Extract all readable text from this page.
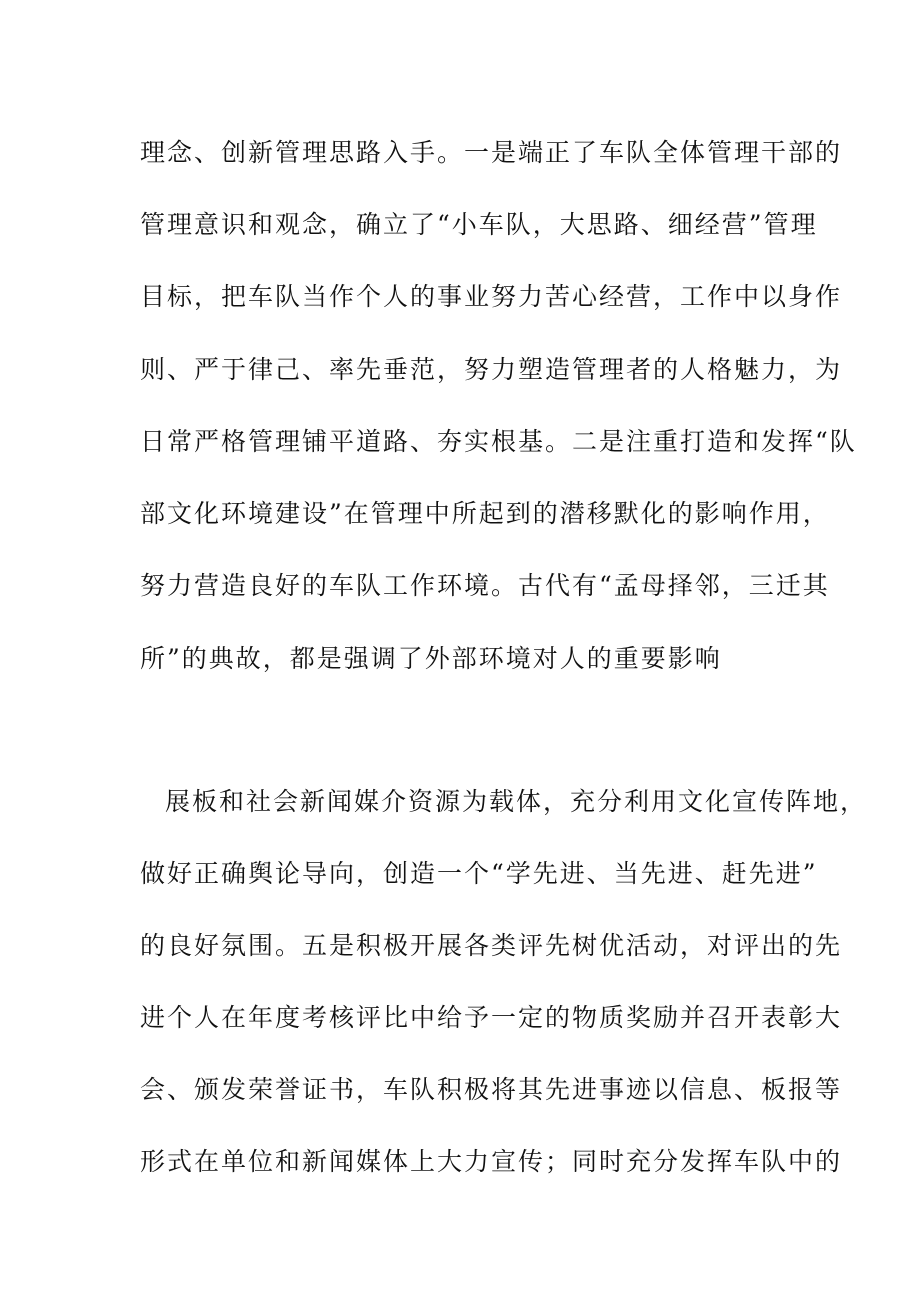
理念、创新管理思路入手。一是端正了车队全体管理干部的
管理意识和观念，确立了“小车队，大思路、细经营”管理
目标，把车队当作个人的事业努力苦心经营，工作中以身作
则、严于律己、率先垂范，努力塑造管理者的人格魅力，为
日常严格管理铺平道路、夯实根基。二是注重打造和发挥“队
部文化环境建设”在管理中所起到的潜移默化的影响作用，
努力营造良好的车队工作环境。古代有“孟母择邻，三迁其
所”的典故，都是强调了外部环境对人的重要影响
展板和社会新闻媒介资源为载体，充分利用文化宣传阵地，
做好正确舆论导向，创造一个“学先进、当先进、赶先进”
的良好氛围。五是积极开展各类评先树优活动，对评出的先
进个人在年度考核评比中给予一定的物质奖励并召开表彰大
会、颁发荣誉证书，车队积极将其先进事迹以信息、板报等
形式在单位和新闻媒体上大力宣传；同时充分发挥车队中的
